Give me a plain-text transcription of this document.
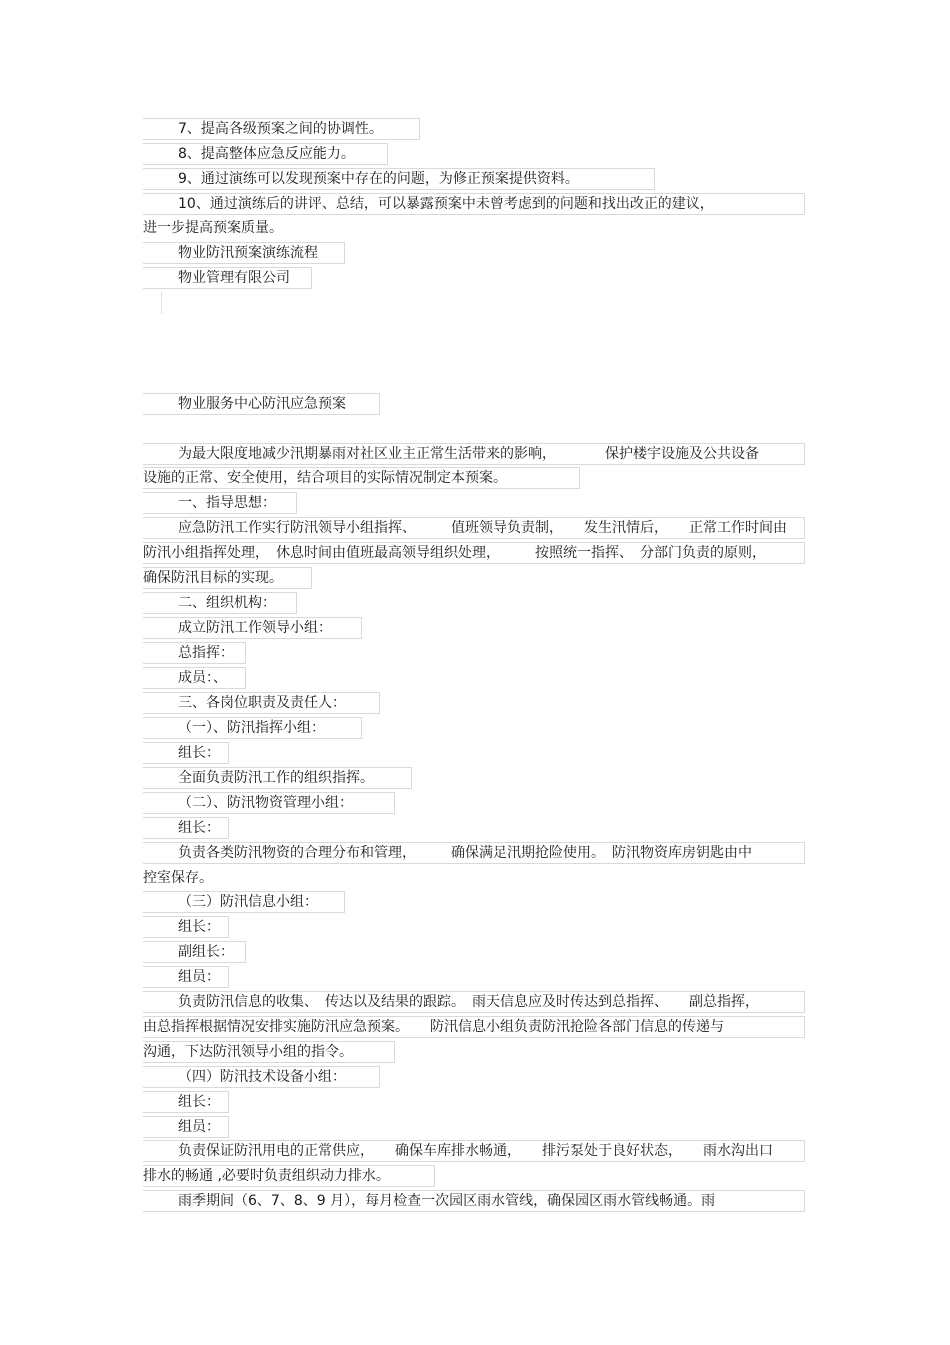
7、提高各级预案之间的协调性。
8、提高整体应急反应能力。
9、通过演练可以发现预案中存在的问题，为修正预案提供资料。
10、通过演练后的讲评、总结，可以暴露预案中未曾考虑到的问题和找出改正的建议，
进一步提高预案质量。
物业防汛预案演练流程
物业管理有限公司
物业服务中心防汛应急预案
为最大限度地减少汛期暴雨对社区业主正常生活带来的影响，　　　　保护楼宇设施及公共设备
设施的正常、安全使用，结合项目的实际情况制定本预案。
一、指导思想：
应急防汛工作实行防汛领导小组指挥、　　　值班领导负责制，　　发生汛情后，　　正常工作时间由
防汛小组指挥处理，　休息时间由值班最高领导组织处理，　　　按照统一指挥、　分部门负责的原则，
确保防汛目标的实现。
二、组织机构：
成立防汛工作领导小组：
总指挥：
成员：、
三、各岗位职责及责任人：
（一）、防汛指挥小组：
组长：
全面负责防汛工作的组织指挥。
（二）、防汛物资管理小组：
组长：
负责各类防汛物资的合理分布和管理，　　　确保满足汛期抢险使用。　防汛物资库房钥匙由中
控室保存。
（三）防汛信息小组：
组长：
副组长：
组员：
负责防汛信息的收集、　传达以及结果的跟踪。　雨天信息应及时传达到总指挥、　　副总指挥，
由总指挥根据情况安排实施防汛应急预案。　　防汛信息小组负责防汛抢险各部门信息的传递与
沟通，下达防汛领导小组的指令。
（四）防汛技术设备小组：
组长：
组员：
负责保证防汛用电的正常供应，　　确保车库排水畅通，　　排污泵处于良好状态，　　雨水沟出口
排水的畅通 ,必要时负责组织动力排水。
雨季期间（6、7、8、9 月），每月检查一次园区雨水管线，确保园区雨水管线畅通。雨
